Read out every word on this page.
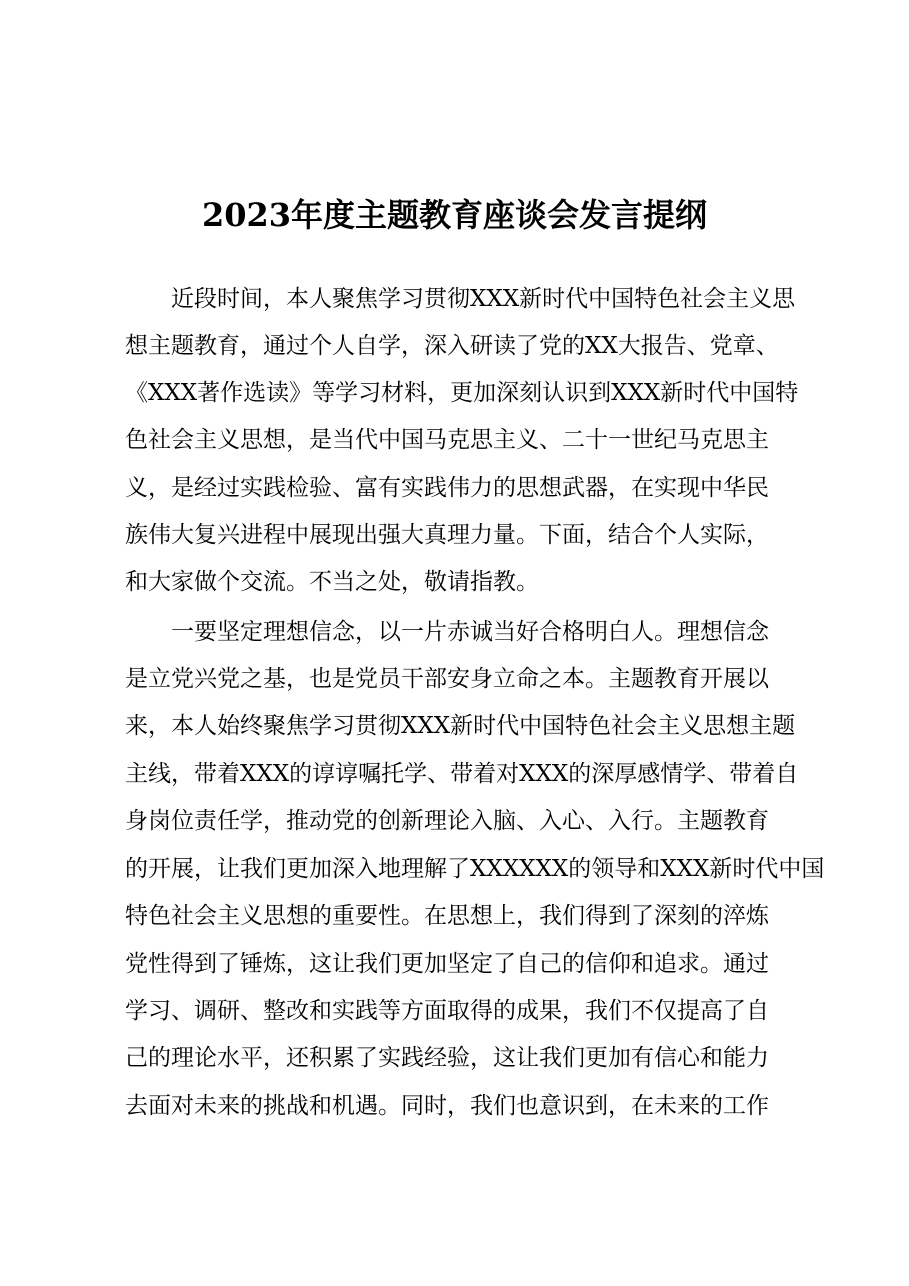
2023年度主题教育座谈会发言提纲

近段时间，本人聚焦学习贯彻XXX新时代中国特色社会主义思

想主题教育，通过个人自学，深入研读了党的XX大报告、党章、

《XXX著作选读》等学习材料，更加深刻认识到XXX新时代中国特

色社会主义思想，是当代中国马克思主义、二十一世纪马克思主

义，是经过实践检验、富有实践伟力的思想武器，在实现中华民

族伟大复兴进程中展现出强大真理力量。下面，结合个人实际，

和大家做个交流。不当之处，敬请指教。

一要坚定理想信念，以一片赤诚当好合格明白人。理想信念

是立党兴党之基，也是党员干部安身立命之本。主题教育开展以

来，本人始终聚焦学习贯彻XXX新时代中国特色社会主义思想主题

主线，带着XXX的谆谆嘱托学、带着对XXX的深厚感情学、带着自

身岗位责任学，推动党的创新理论入脑、入心、入行。主题教育

的开展，让我们更加深入地理解了XXXXXX的领导和XXX新时代中国

特色社会主义思想的重要性。在思想上，我们得到了深刻的淬炼

党性得到了锤炼，这让我们更加坚定了自己的信仰和追求。通过

学习、调研、整改和实践等方面取得的成果，我们不仅提高了自

己的理论水平，还积累了实践经验，这让我们更加有信心和能力

去面对未来的挑战和机遇。同时，我们也意识到，在未来的工作
